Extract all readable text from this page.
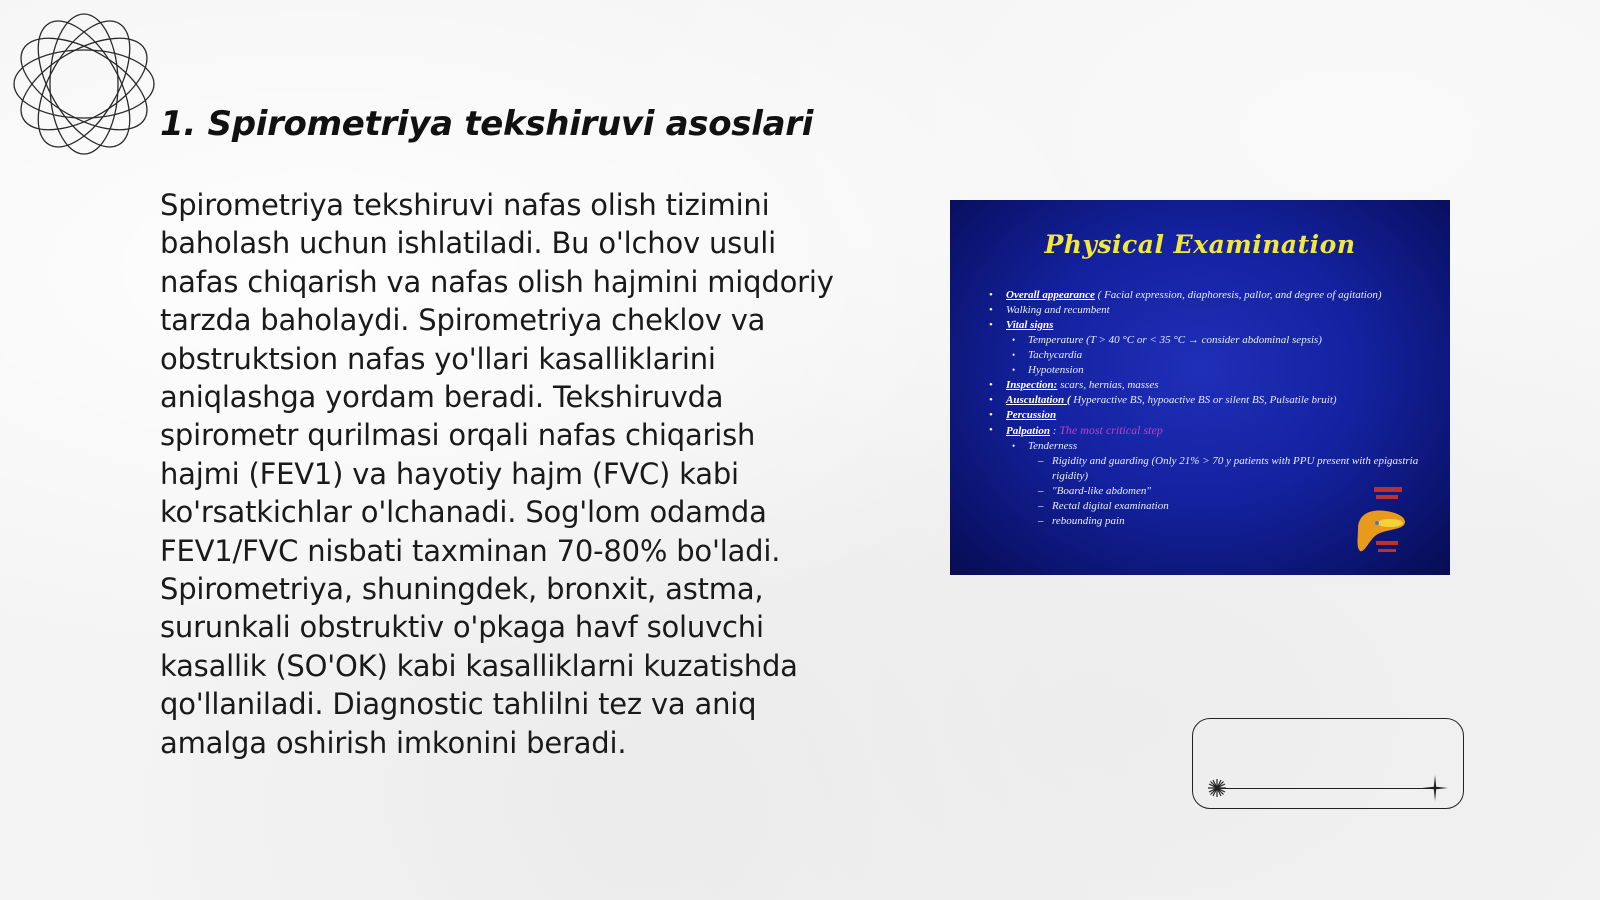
1. Spirometriya tekshiruvi asoslari

Spirometriya tekshiruvi nafas olish tizimini baholash uchun ishlatiladi. Bu o'lchov usuli nafas chiqarish va nafas olish hajmini miqdoriy tarzda baholaydi. Spirometriya cheklov va obstruktsion nafas yo'llari kasalliklarini aniqlashga yordam beradi. Tekshiruvda spirometr qurilmasi orqali nafas chiqarish hajmi (FEV1) va hayotiy hajm (FVC) kabi ko'rsatkichlar o'lchanadi. Sog'lom odamda FEV1/FVC nisbati taxminan 70-80% bo'ladi. Spirometriya, shuningdek, bronxit, astma, surunkali obstruktiv o'pkaga havf soluvchi kasallik (SO'OK) kabi kasalliklarni kuzatishda qo'llaniladi. Diagnostic tahlilni tez va aniq amalga oshirish imkonini beradi.

Physical Examination
• Overall appearance ( Facial expression, diaphoresis, pallor, and degree of agitation)
• Walking and recumbent
• Vital signs
• Temperature (T > 40 °C or < 35 °C → consider abdominal sepsis)
• Tachycardia
• Hypotension
• Inspection: scars, hernias, masses
• Auscultation ( Hyperactive BS, hypoactive BS or silent BS, Pulsatile bruit)
• Percussion
• Palpation : The most critical step
• Tenderness
– Rigidity and guarding (Only 21% > 70 y patients with PPU present with epigastria rigidity)
– "Board-like abdomen"
– Rectal digital examination
– rebounding pain
